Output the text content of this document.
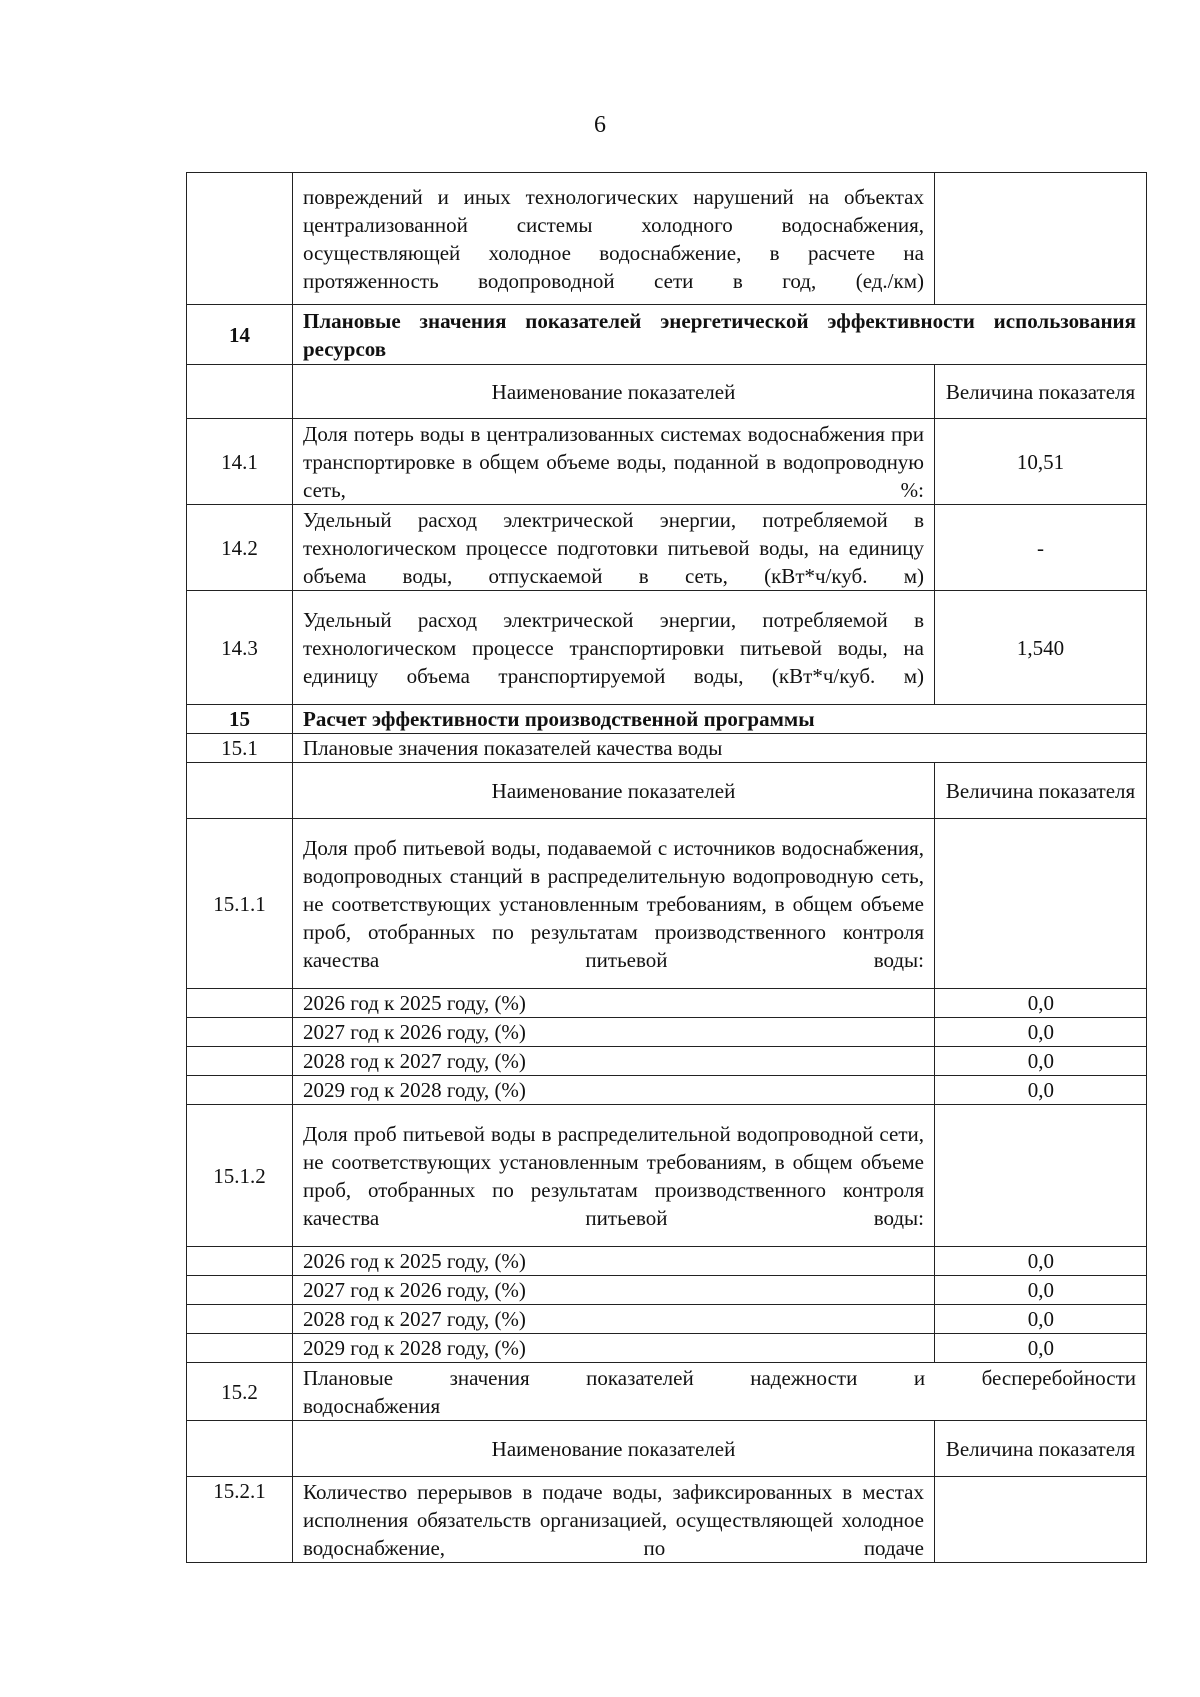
6
	повреждений и иных технологических нарушений на объектах централизованной системы холодного водоснабжения, осуществляющей холодное водоснабжение, в расчете на протяженность водопроводной сети в год, (ед./км)	
14	Плановые значения показателей энергетической эффективности использования ресурсов	
	Наименование показателей	Величина показателя
14.1	Доля потерь воды в централизованных системах водоснабжения при транспортировке в общем объеме воды, поданной в водопроводную сеть, %:	10,51
14.2	Удельный расход электрической энергии, потребляемой в технологическом процессе подготовки питьевой воды, на единицу объема воды, отпускаемой в сеть, (кВт*ч/куб. м)	-
14.3	Удельный расход электрической энергии, потребляемой в технологическом процессе транспортировки питьевой воды, на единицу объема транспортируемой воды, (кВт*ч/куб. м)	1,540
15	Расчет эффективности производственной программы	
15.1	Плановые значения показателей качества воды	
	Наименование показателей	Величина показателя
15.1.1	Доля проб питьевой воды, подаваемой с источников водоснабжения, водопроводных станций в распределительную водопроводную сеть, не соответствующих установленным требованиям, в общем объеме проб, отобранных по результатам производственного контроля качества питьевой воды:	
	2026 год к 2025 году, (%)	0,0
	2027 год к 2026 году, (%)	0,0
	2028 год к 2027 году, (%)	0,0
	2029 год к 2028 году, (%)	0,0
15.1.2	Доля проб питьевой воды в распределительной водопроводной сети, не соответствующих установленным требованиям, в общем объеме проб, отобранных по результатам производственного контроля качества питьевой воды:	
	2026 год к 2025 году, (%)	0,0
	2027 год к 2026 году, (%)	0,0
	2028 год к 2027 году, (%)	0,0
	2029 год к 2028 году, (%)	0,0
15.2	Плановые значения показателей надежности и бесперебойности
водоснабжения	
	Наименование показателей	Величина показателя
15.2.1	Количество перерывов в подаче воды, зафиксированных в местах исполнения обязательств организацией, осуществляющей холодное водоснабжение, по подаче	
